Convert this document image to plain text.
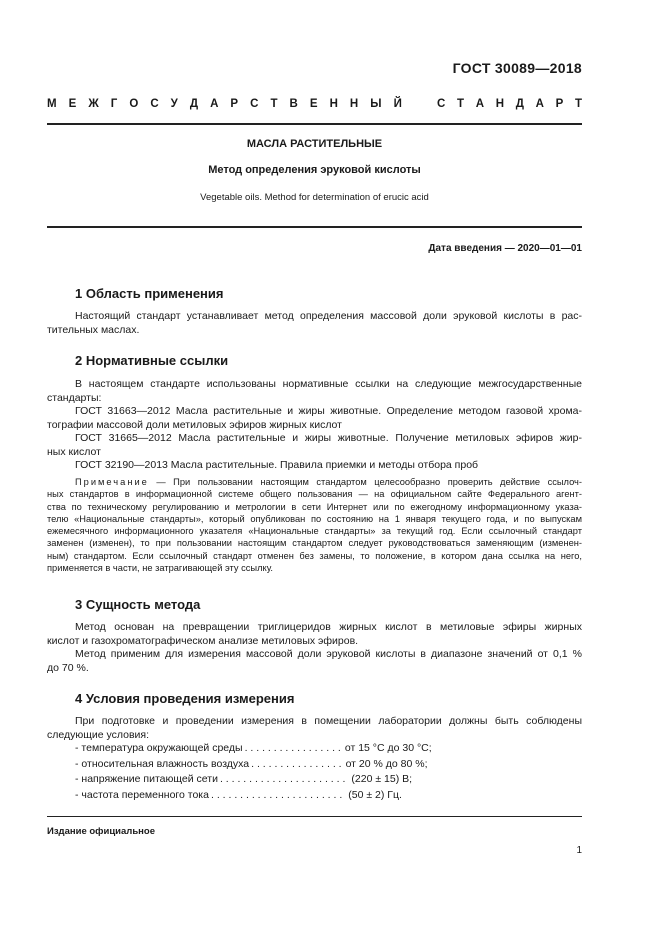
ГОСТ 30089—2018
М Е Ж Г О С У Д А Р С Т В Е Н Н Ы Й	С Т А Н Д А Р Т
МАСЛА РАСТИТЕЛЬНЫЕ
Метод определения эруковой кислоты
Vegetable oils. Method for determination of erucic acid
Дата введения — 2020—01—01
1 Область применения
Настоящий стандарт устанавливает метод определения массовой доли эруковой кислоты в рас-
тительных маслах.
2 Нормативные ссылки
В настоящем стандарте использованы нормативные ссылки на следующие межгосударственные
стандарты:
ГОСТ 31663—2012 Масла растительные и жиры животные. Определение методом газовой хрома-
тографии массовой доли метиловых эфиров жирных кислот
ГОСТ 31665—2012 Масла растительные и жиры животные. Получение метиловых эфиров жир-
ных кислот
ГОСТ 32190—2013 Масла растительные. Правила приемки и методы отбора проб
Примечание — При пользовании настоящим стандартом целесообразно проверить действие ссылоч-
ных стандартов в информационной системе общего пользования — на официальном сайте Федерального агент-
ства по техническому регулированию и метрологии в сети Интернет или по ежегодному информационному указа-
телю «Национальные стандарты», который опубликован по состоянию на 1 января текущего года, и по выпускам
ежемесячного информационного указателя «Национальные стандарты» за текущий год. Если ссылочный стандарт
заменен (изменен), то при пользовании настоящим стандартом следует руководствоваться заменяющим (изменен-
ным) стандартом. Если ссылочный стандарт отменен без замены, то положение, в котором дана ссылка на него,
применяется в части, не затрагивающей эту ссылку.
3 Сущность метода
Метод основан на превращении триглицеридов жирных кислот в метиловые эфиры жирных
кислот и газохроматографическом анализе метиловых эфиров.
Метод применим для измерения массовой доли эруковой кислоты в диапазоне значений от 0,1 %
до 70 %.
4 Условия проведения измерения
При подготовке и проведении измерения в помещении лаборатории должны быть соблюдены
следующие условия:
- температура окружающей среды . . . . . . . . . . . . . . . . . от 15 °С до 30 °С;
- относительная влажность воздуха . . . . . . . . . . . . . . . . от 20 % до 80 %;
- напряжение питающей сети . . . . . . . . . . . . . . . . . . . . . . (220 ± 15) В;
- частота переменного тока . . . . . . . . . . . . . . . . . . . . . . . (50 ± 2) Гц.
Издание официальное
1
